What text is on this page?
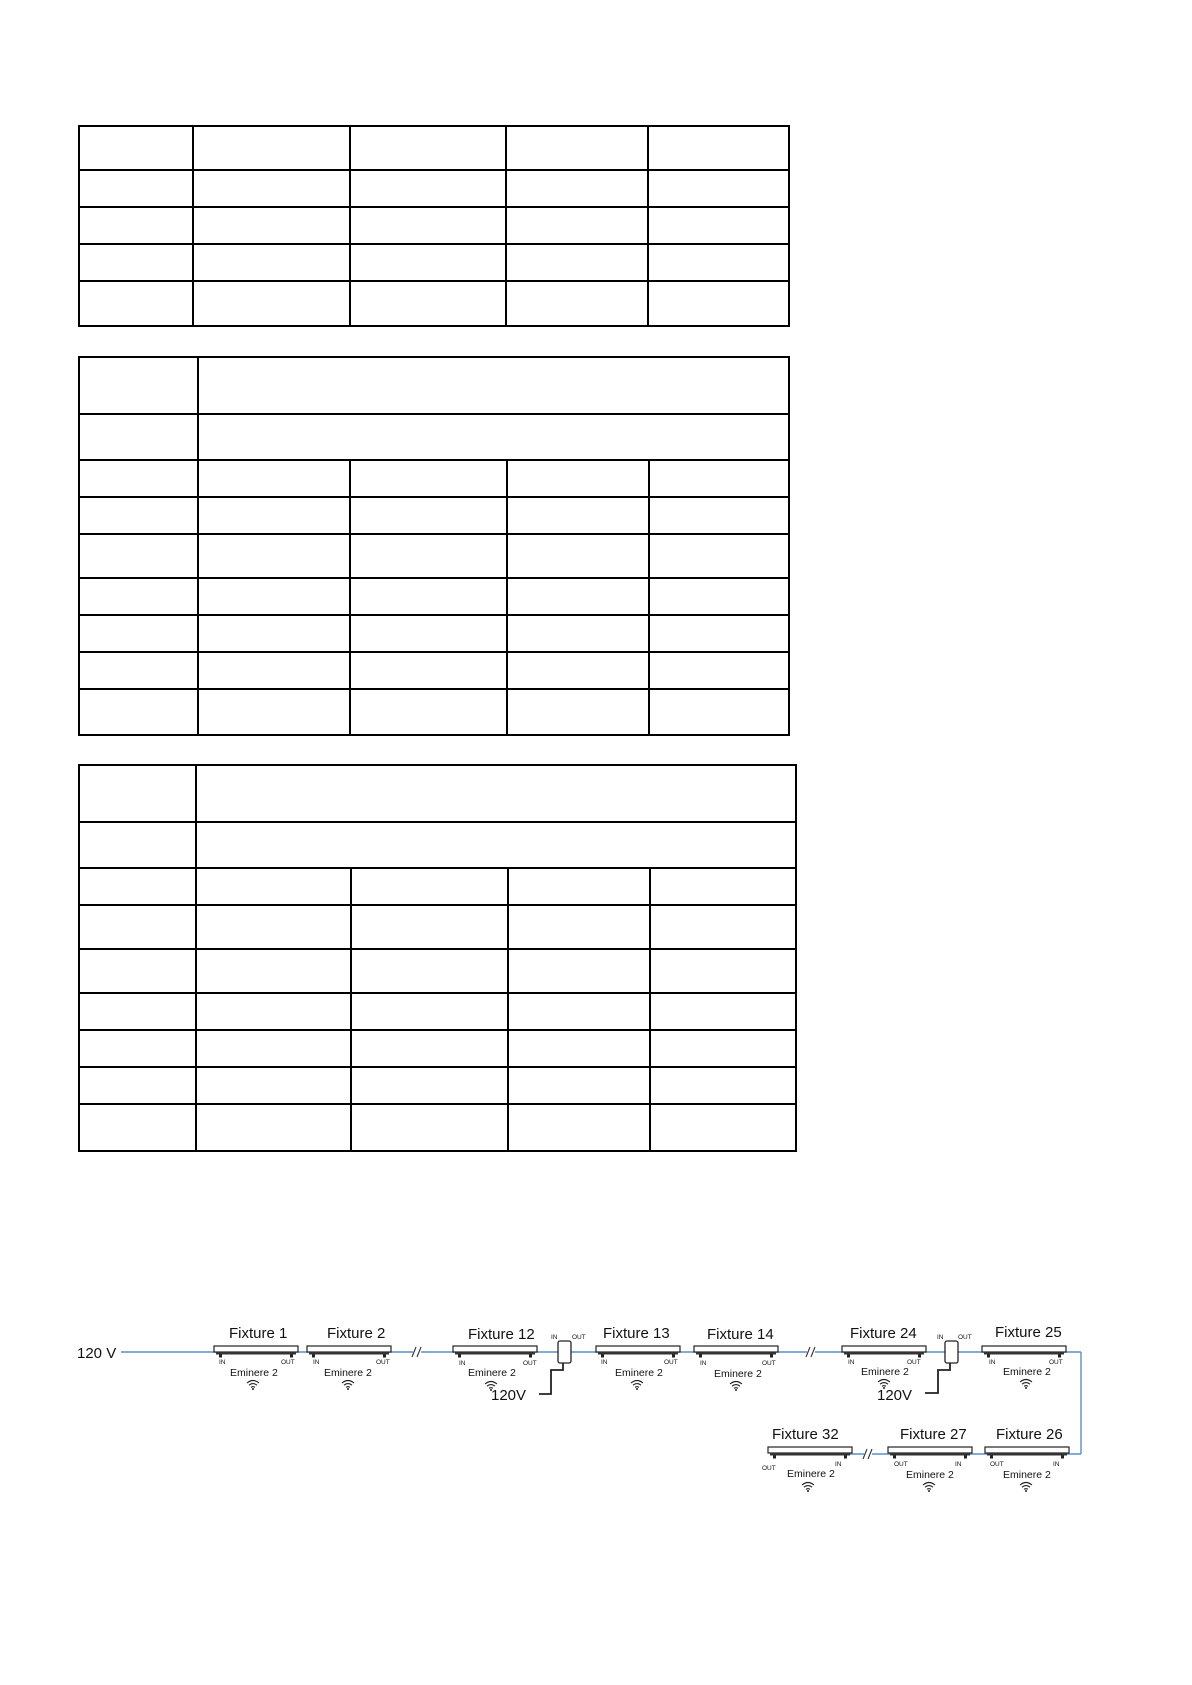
120 V
Fixture 1
IN	OUT
Eminere 2
Fixture 2
IN	OUT
Eminere 2
Fixture 12
IN	OUT
Eminere 2
IN OUT
120V
Fixture 13
IN	OUT
Eminere 2
Fixture 14
IN	OUT
Eminere 2
Fixture 24
IN	OUT
Eminere 2
IN OUT
120V
Fixture 25
IN	OUT
Eminere 2
Fixture 26
OUT	IN
Eminere 2
Fixture 27
OUT	IN
Eminere 2
Fixture 32
OUT
IN
Eminere 2
